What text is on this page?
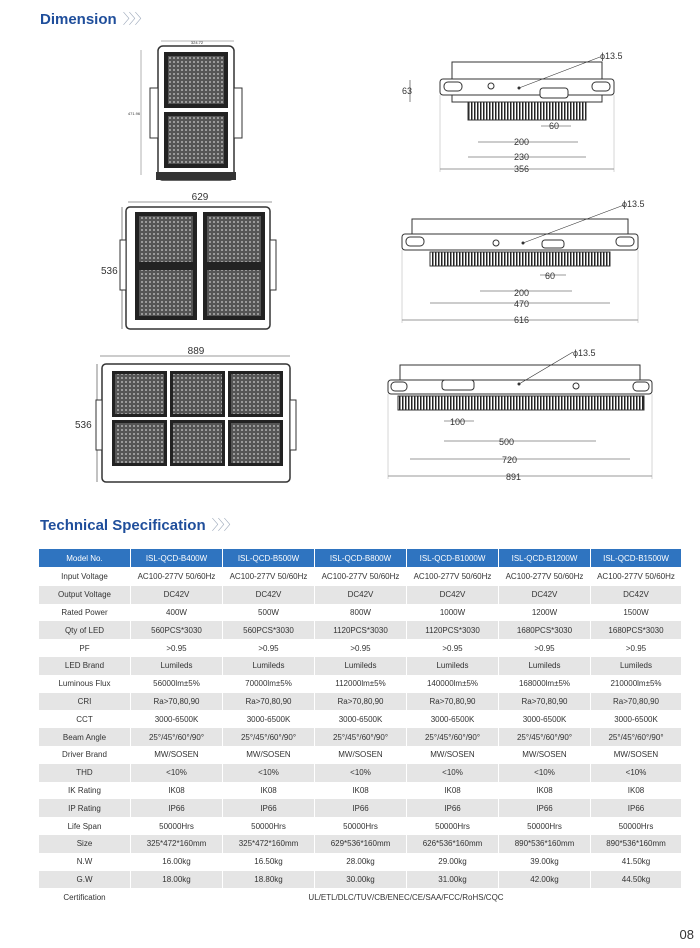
Dimension 〉〉〉
324.72
471.96
ϕ13.5
63
60
200
230
356
629
536
ϕ13.5
60
200
470
616
889
536
ϕ13.5
100
500
720
891
Technical Specification 〉〉〉
Model No.	ISL-QCD-B400W	ISL-QCD-B500W	ISL-QCD-B800W	ISL-QCD-B1000W	ISL-QCD-B1200W	ISL-QCD-B1500W
Input Voltage	AC100-277V 50/60Hz	AC100-277V 50/60Hz	AC100-277V 50/60Hz	AC100-277V 50/60Hz	AC100-277V 50/60Hz	AC100-277V 50/60Hz
Output Voltage	DC42V	DC42V	DC42V	DC42V	DC42V	DC42V
Rated Power	400W	500W	800W	1000W	1200W	1500W
Qty of LED	560PCS*3030	560PCS*3030	1120PCS*3030	1120PCS*3030	1680PCS*3030	1680PCS*3030
PF	>0.95	>0.95	>0.95	>0.95	>0.95	>0.95
LED Brand	Lumileds	Lumileds	Lumileds	Lumileds	Lumileds	Lumileds
Luminous Flux	56000lm±5%	70000lm±5%	112000lm±5%	140000lm±5%	168000lm±5%	210000lm±5%
CRI	Ra>70,80,90	Ra>70,80,90	Ra>70,80,90	Ra>70,80,90	Ra>70,80,90	Ra>70,80,90
CCT	3000-6500K	3000-6500K	3000-6500K	3000-6500K	3000-6500K	3000-6500K
Beam Angle	25°/45°/60°/90°	25°/45°/60°/90°	25°/45°/60°/90°	25°/45°/60°/90°	25°/45°/60°/90°	25°/45°/60°/90°
Driver Brand	MW/SOSEN	MW/SOSEN	MW/SOSEN	MW/SOSEN	MW/SOSEN	MW/SOSEN
THD	<10%	<10%	<10%	<10%	<10%	<10%
IK Rating	IK08	IK08	IK08	IK08	IK08	IK08
IP Rating	IP66	IP66	IP66	IP66	IP66	IP66
Life Span	50000Hrs	50000Hrs	50000Hrs	50000Hrs	50000Hrs	50000Hrs
Size	325*472*160mm	325*472*160mm	629*536*160mm	626*536*160mm	890*536*160mm	890*536*160mm
N.W	16.00kg	16.50kg	28.00kg	29.00kg	39.00kg	41.50kg
G.W	18.00kg	18.80kg	30.00kg	31.00kg	42.00kg	44.50kg
Certification	UL/ETL/DLC/TUV/CB/ENEC/CE/SAA/FCC/RoHS/CQC					
08
